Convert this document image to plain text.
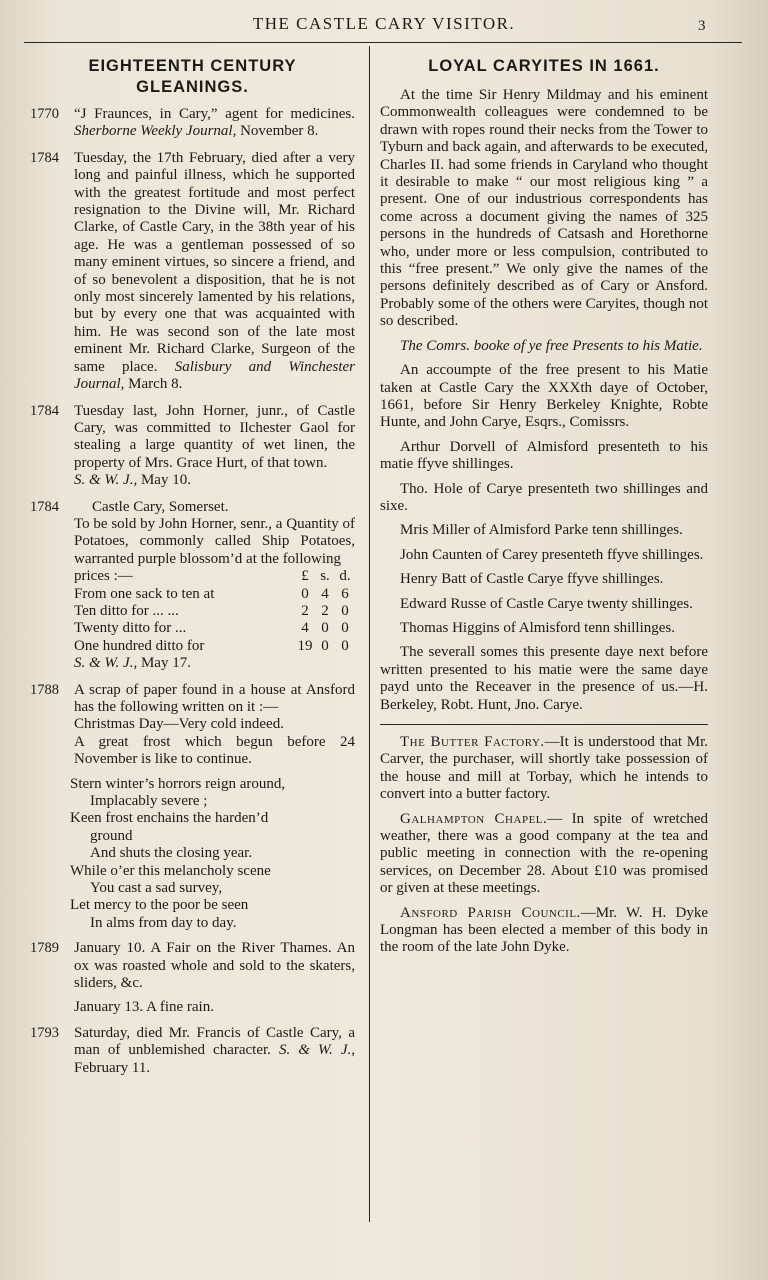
THE CASTLE CARY VISITOR.	3
EIGHTEENTH CENTURY
GLEANINGS.
1770	“J Fraunces, in Cary,” agent for medicines. Sherborne Weekly Journal, November 8.

1784	Tuesday, the 17th February, died after a very long and painful illness, which he supported with the greatest fortitude and most perfect resignation to the Divine will, Mr. Richard Clarke, of Castle Cary, in the 38th year of his age. He was a gentleman possessed of so many eminent virtues, so sincere a friend, and of so benevolent a disposition, that he is not only most sincerely lamented by his relations, but by every one that was acquainted with him. He was second son of the late most eminent Mr. Richard Clarke, Surgeon of the same place. Salisbury and Winchester Journal, March 8.

1784	Tuesday last, John Horner, junr., of Castle Cary, was committed to Ilchester Gaol for stealing a large quantity of wet linen, the property of Mrs. Grace Hurt, of that town.

S. & W. J., May 10.

1784	Castle Cary, Somerset.

To be sold by John Horner, senr., a Quantity of Potatoes, commonly called Ship Potatoes, warranted purple blossom’d at the following

prices :—	£	s.	d.
From one sack to ten at	0	4	6
Ten ditto for ... ...	2	2	0
Twenty ditto for ...	4	0	0
One hundred ditto for	19	0	0

S. & W. J., May 17.

1788	A scrap of paper found in a house at Ansford has the following written on it :—

Christmas Day—Very cold indeed.

A great frost which begun before 24 November is like to continue.

Stern winter’s horrors reign around,

Implacably severe ;

Keen frost enchains the harden’d

ground

And shuts the closing year.

While o’er this melancholy scene

You cast a sad survey,

Let mercy to the poor be seen

In alms from day to day.

1789	January 10. A Fair on the River Thames. An ox was roasted whole and sold to the skaters, sliders, &c.

January 13. A fine rain.

1793	Saturday, died Mr. Francis of Castle Cary, a man of unblemished character. S. & W. J., February 11.

LOYAL CARYITES IN 1661.

At the time Sir Henry Mildmay and his eminent Commonwealth colleagues were condemned to be drawn with ropes round their necks from the Tower to Tyburn and back again, and afterwards to be executed, Charles II. had some friends in Caryland who thought it desirable to make “ our most religious king ” a present. One of our industrious correspondents has come across a document giving the names of 325 persons in the hundreds of Catsash and Horethorne who, under more or less compulsion, contributed to this “free present.” We only give the names of the persons definitely described as of Cary or Ansford. Probably some of the others were Caryites, though not so described.

The Comrs. booke of ye free Presents to his Matie.

An accoumpte of the free present to his Matie taken at Castle Cary the XXXth daye of October, 1661, before Sir Henry Berkeley Knighte, Robte Hunte, and John Carye, Esqrs., Comissrs.

Arthur Dorvell of Almisford presenteth to his matie ffyve shillinges.

Tho. Hole of Carye presenteth two shillinges and sixe.

Mris Miller of Almisford Parke tenn shillinges.

John Caunten of Carey presenteth ffyve shillinges.

Henry Batt of Castle Carye ffyve shillinges.

Edward Russe of Castle Carye twenty shillinges.

Thomas Higgins of Almisford tenn shillinges.

The severall somes this presente daye next before written presented to his matie were the same daye payd unto the Receaver in the presence of us.—H. Berkeley, Robt. Hunt, Jno. Carye.

The Butter Factory.—It is understood that Mr. Carver, the purchaser, will shortly take possession of the house and mill at Torbay, which he intends to convert into a butter factory.

Galhampton Chapel.— In spite of wretched weather, there was a good company at the tea and public meeting in connection with the re-opening services, on December 28. About £10 was promised or given at these meetings.

Ansford Parish Council.—Mr. W. H. Dyke Longman has been elected a member of this body in the room of the late John Dyke.
